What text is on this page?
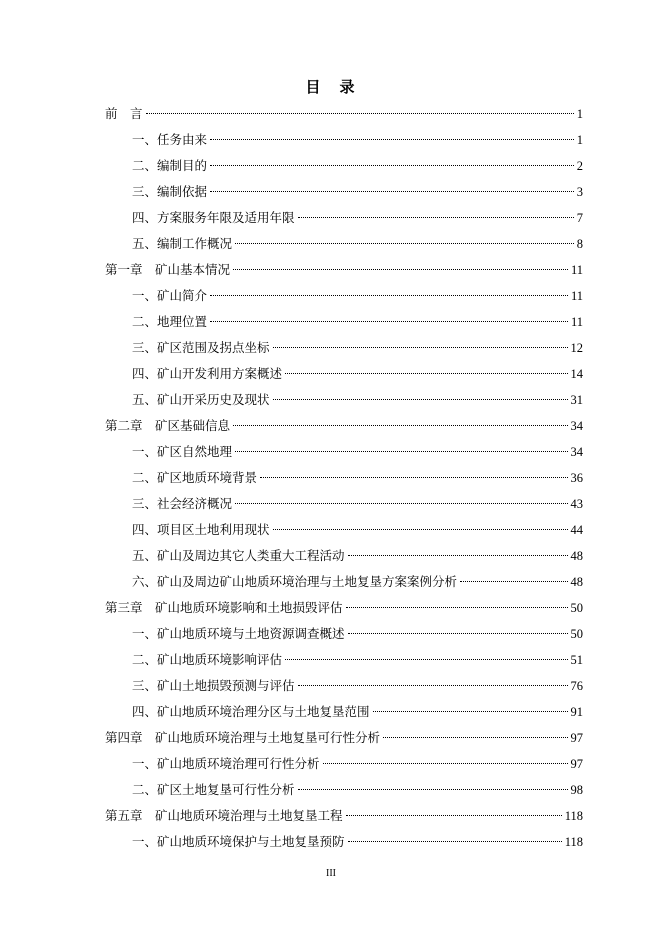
目　录
前　言	1
一、任务由来	1
二、编制目的	2
三、编制依据	3
四、方案服务年限及适用年限	7
五、编制工作概况	8
第一章　矿山基本情况	11
一、矿山简介	11
二、地理位置	11
三、矿区范围及拐点坐标	12
四、矿山开发利用方案概述	14
五、矿山开采历史及现状	31
第二章　矿区基础信息	34
一、矿区自然地理	34
二、矿区地质环境背景	36
三、社会经济概况	43
四、项目区土地利用现状	44
五、矿山及周边其它人类重大工程活动	48
六、矿山及周边矿山地质环境治理与土地复垦方案案例分析	48
第三章　矿山地质环境影响和土地损毁评估	50
一、矿山地质环境与土地资源调查概述	50
二、矿山地质环境影响评估	51
三、矿山土地损毁预测与评估	76
四、矿山地质环境治理分区与土地复垦范围	91
第四章　矿山地质环境治理与土地复垦可行性分析	97
一、矿山地质环境治理可行性分析	97
二、矿区土地复垦可行性分析	98
第五章　矿山地质环境治理与土地复垦工程	118
一、矿山地质环境保护与土地复垦预防	118
III
